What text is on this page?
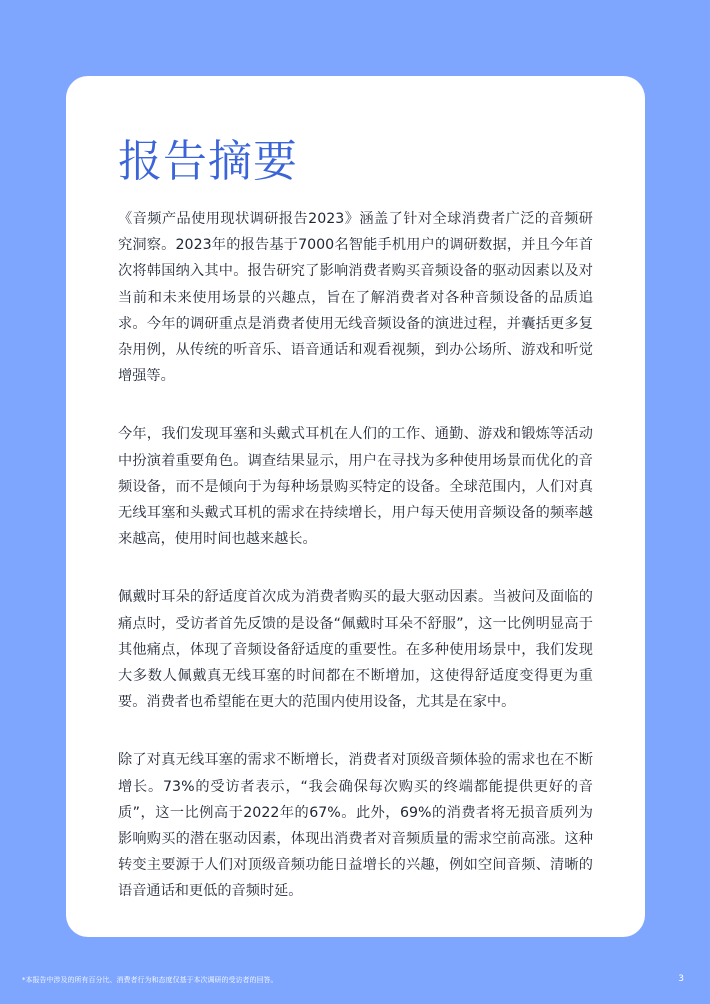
报告摘要

《音频产品使用现状调研报告2023》涵盖了针对全球消费者广泛的音频研究洞察。2023年的报告基于7000名智能手机用户的调研数据，并且今年首次将韩国纳入其中。报告研究了影响消费者购买音频设备的驱动因素以及对当前和未来使用场景的兴趣点，旨在了解消费者对各种音频设备的品质追求。今年的调研重点是消费者使用无线音频设备的演进过程，并囊括更多复杂用例，从传统的听音乐、语音通话和观看视频，到办公场所、游戏和听觉增强等。

今年，我们发现耳塞和头戴式耳机在人们的工作、通勤、游戏和锻炼等活动中扮演着重要角色。调查结果显示，用户在寻找为多种使用场景而优化的音频设备，而不是倾向于为每种场景购买特定的设备。全球范围内，人们对真无线耳塞和头戴式耳机的需求在持续增长，用户每天使用音频设备的频率越来越高，使用时间也越来越长。

佩戴时耳朵的舒适度首次成为消费者购买的最大驱动因素。当被问及面临的痛点时，受访者首先反馈的是设备“佩戴时耳朵不舒服”，这一比例明显高于其他痛点，体现了音频设备舒适度的重要性。在多种使用场景中，我们发现大多数人佩戴真无线耳塞的时间都在不断增加，这使得舒适度变得更为重要。消费者也希望能在更大的范围内使用设备，尤其是在家中。

除了对真无线耳塞的需求不断增长，消费者对顶级音频体验的需求也在不断增长。73%的受访者表示，“我会确保每次购买的终端都能提供更好的音质”，这一比例高于2022年的67%。此外，69%的消费者将无损音质列为影响购买的潜在驱动因素，体现出消费者对音频质量的需求空前高涨。这种转变主要源于人们对顶级音频功能日益增长的兴趣，例如空间音频、清晰的语音通话和更低的音频时延。

*本报告中涉及的所有百分比、消费者行为和态度仅基于本次调研的受访者的回答。	3
